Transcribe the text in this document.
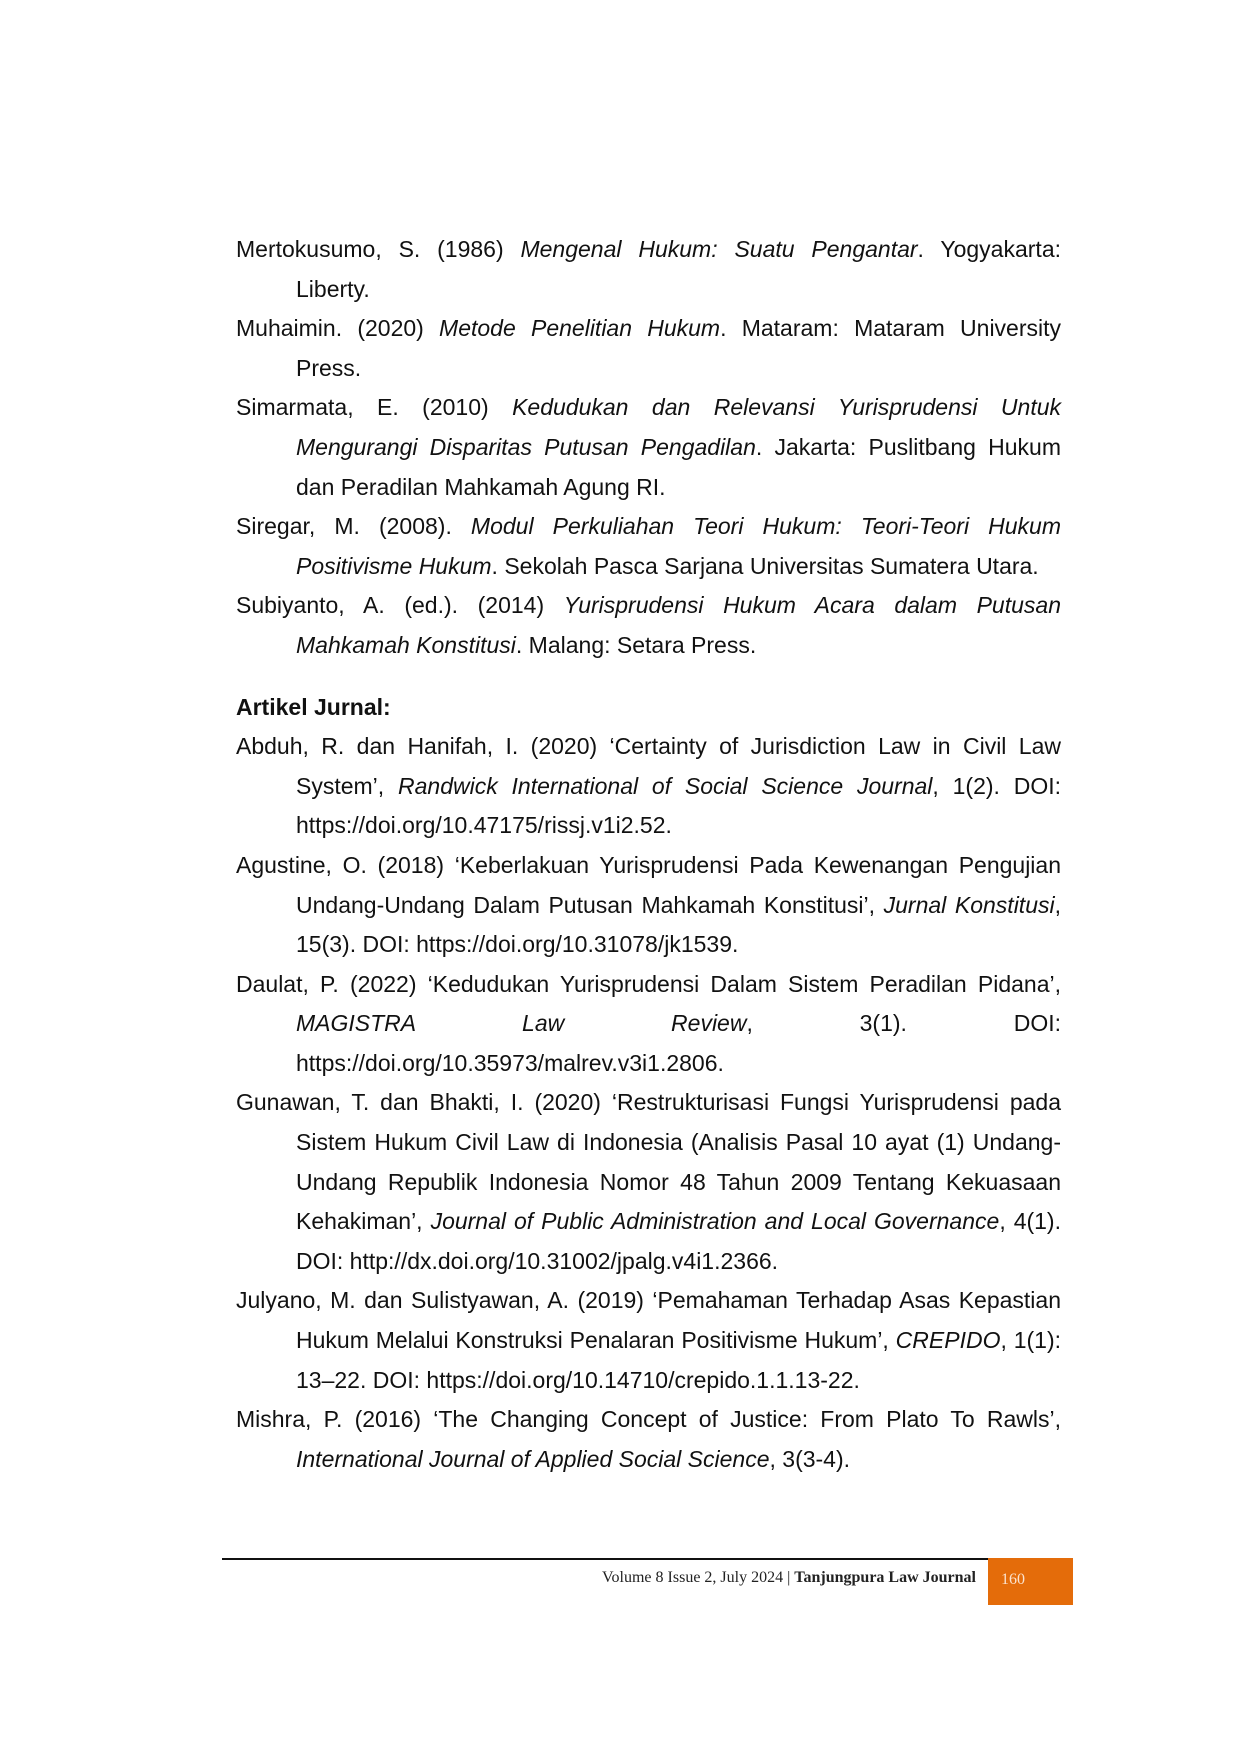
Mertokusumo, S. (1986) Mengenal Hukum: Suatu Pengantar. Yogyakarta: Liberty.

Muhaimin. (2020) Metode Penelitian Hukum. Mataram: Mataram University Press.

Simarmata, E. (2010) Kedudukan dan Relevansi Yurisprudensi Untuk Mengurangi Disparitas Putusan Pengadilan. Jakarta: Puslitbang Hukum dan Peradilan Mahkamah Agung RI.

Siregar, M. (2008). Modul Perkuliahan Teori Hukum: Teori-Teori Hukum Positivisme Hukum. Sekolah Pasca Sarjana Universitas Sumatera Utara.

Subiyanto, A. (ed.). (2014) Yurisprudensi Hukum Acara dalam Putusan Mahkamah Konstitusi. Malang: Setara Press.

Artikel Jurnal:

Abduh, R. dan Hanifah, I. (2020) ‘Certainty of Jurisdiction Law in Civil Law System’, Randwick International of Social Science Journal, 1(2). DOI: https://doi.org/10.47175/rissj.v1i2.52.

Agustine, O. (2018) ‘Keberlakuan Yurisprudensi Pada Kewenangan Pengujian Undang-Undang Dalam Putusan Mahkamah Konstitusi’, Jurnal Konstitusi, 15(3). DOI: https://doi.org/10.31078/jk1539.

Daulat, P. (2022) ‘Kedudukan Yurisprudensi Dalam Sistem Peradilan Pidana’, MAGISTRA Law Review, 3(1). DOI: https://doi.org/10.35973/malrev.v3i1.2806.

Gunawan, T. dan Bhakti, I. (2020) ‘Restrukturisasi Fungsi Yurisprudensi pada Sistem Hukum Civil Law di Indonesia (Analisis Pasal 10 ayat (1) Undang-Undang Republik Indonesia Nomor 48 Tahun 2009 Tentang Kekuasaan Kehakiman’, Journal of Public Administration and Local Governance, 4(1). DOI: http://dx.doi.org/10.31002/jpalg.v4i1.2366.

Julyano, M. dan Sulistyawan, A. (2019) ‘Pemahaman Terhadap Asas Kepastian Hukum Melalui Konstruksi Penalaran Positivisme Hukum’, CREPIDO, 1(1): 13–22. DOI: https://doi.org/10.14710/crepido.1.1.13-22.

Mishra, P. (2016) ‘The Changing Concept of Justice: From Plato To Rawls’, International Journal of Applied Social Science, 3(3-4).

Volume 8 Issue 2, July 2024 | Tanjungpura Law Journal	160
